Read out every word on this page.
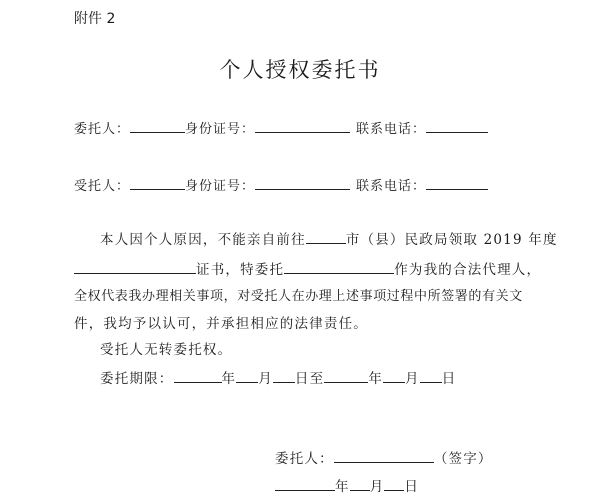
附件 2
个人授权委托书
委托人：	身份证号：	联系电话：
受托人：	身份证号：	联系电话：
本人因个人原因，不能亲自前往	市（县）民政局领取 2019 年度
证书，特委托	作为我的合法代理人，
全权代表我办理相关事项，对受托人在办理上述事项过程中所签署的有关文
件，我均予以认可，并承担相应的法律责任。
受托人无转委托权。
委托期限：	年 月 日至	年 月 日
委托人：	（签字）
年 月 日
